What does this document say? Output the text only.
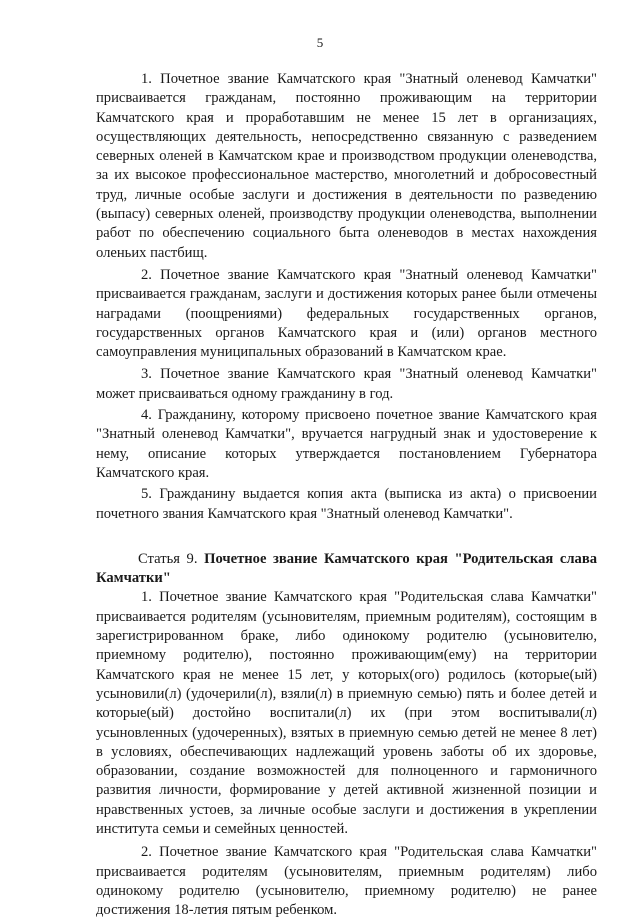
5

1. Почетное звание Камчатского края "Знатный оленевод Камчатки" присваивается гражданам, постоянно проживающим на территории Камчатского края и проработавшим не менее 15 лет в организациях, осуществляющих деятельность, непосредственно связанную с разведением северных оленей в Камчатском крае и производством продукции оленеводства, за их высокое профессиональное мастерство, многолетний и добросовестный труд, личные особые заслуги и достижения в деятельности по разведению (выпасу) северных оленей, производству продукции оленеводства, выполнении работ по обеспечению социального быта оленеводов в местах нахождения оленьих пастбищ.

2. Почетное звание Камчатского края "Знатный оленевод Камчатки" присваивается гражданам, заслуги и достижения которых ранее были отмечены наградами (поощрениями) федеральных государственных органов, государственных органов Камчатского края и (или) органов местного самоуправления муниципальных образований в Камчатском крае.

3. Почетное звание Камчатского края "Знатный оленевод Камчатки" может присваиваться одному гражданину в год.

4. Гражданину, которому присвоено почетное звание Камчатского края "Знатный оленевод Камчатки", вручается нагрудный знак и удостоверение к нему, описание которых утверждается постановлением Губернатора Камчатского края.

5. Гражданину выдается копия акта (выписка из акта) о присвоении почетного звания Камчатского края "Знатный оленевод Камчатки".

Статья 9. Почетное звание Камчатского края "Родительская слава Камчатки"

1. Почетное звание Камчатского края "Родительская слава Камчатки" присваивается родителям (усыновителям, приемным родителям), состоящим в зарегистрированном браке, либо одинокому родителю (усыновителю, приемному родителю), постоянно проживающим(ему) на территории Камчатского края не менее 15 лет, у которых(ого) родилось (которые(ый) усыновили(л) (удочерили(л), взяли(л) в приемную семью) пять и более детей и которые(ый) достойно воспитали(л) их (при этом воспитывали(л) усыновленных (удочеренных), взятых в приемную семью детей не менее 8 лет) в условиях, обеспечивающих надлежащий уровень заботы об их здоровье, образовании, создание возможностей для полноценного и гармоничного развития личности, формирование у детей активной жизненной позиции и нравственных устоев, за личные особые заслуги и достижения в укреплении института семьи и семейных ценностей.

2. Почетное звание Камчатского края "Родительская слава Камчатки" присваивается родителям (усыновителям, приемным родителям) либо одинокому родителю (усыновителю, приемному родителю) не ранее достижения 18-летия пятым ребенком.
